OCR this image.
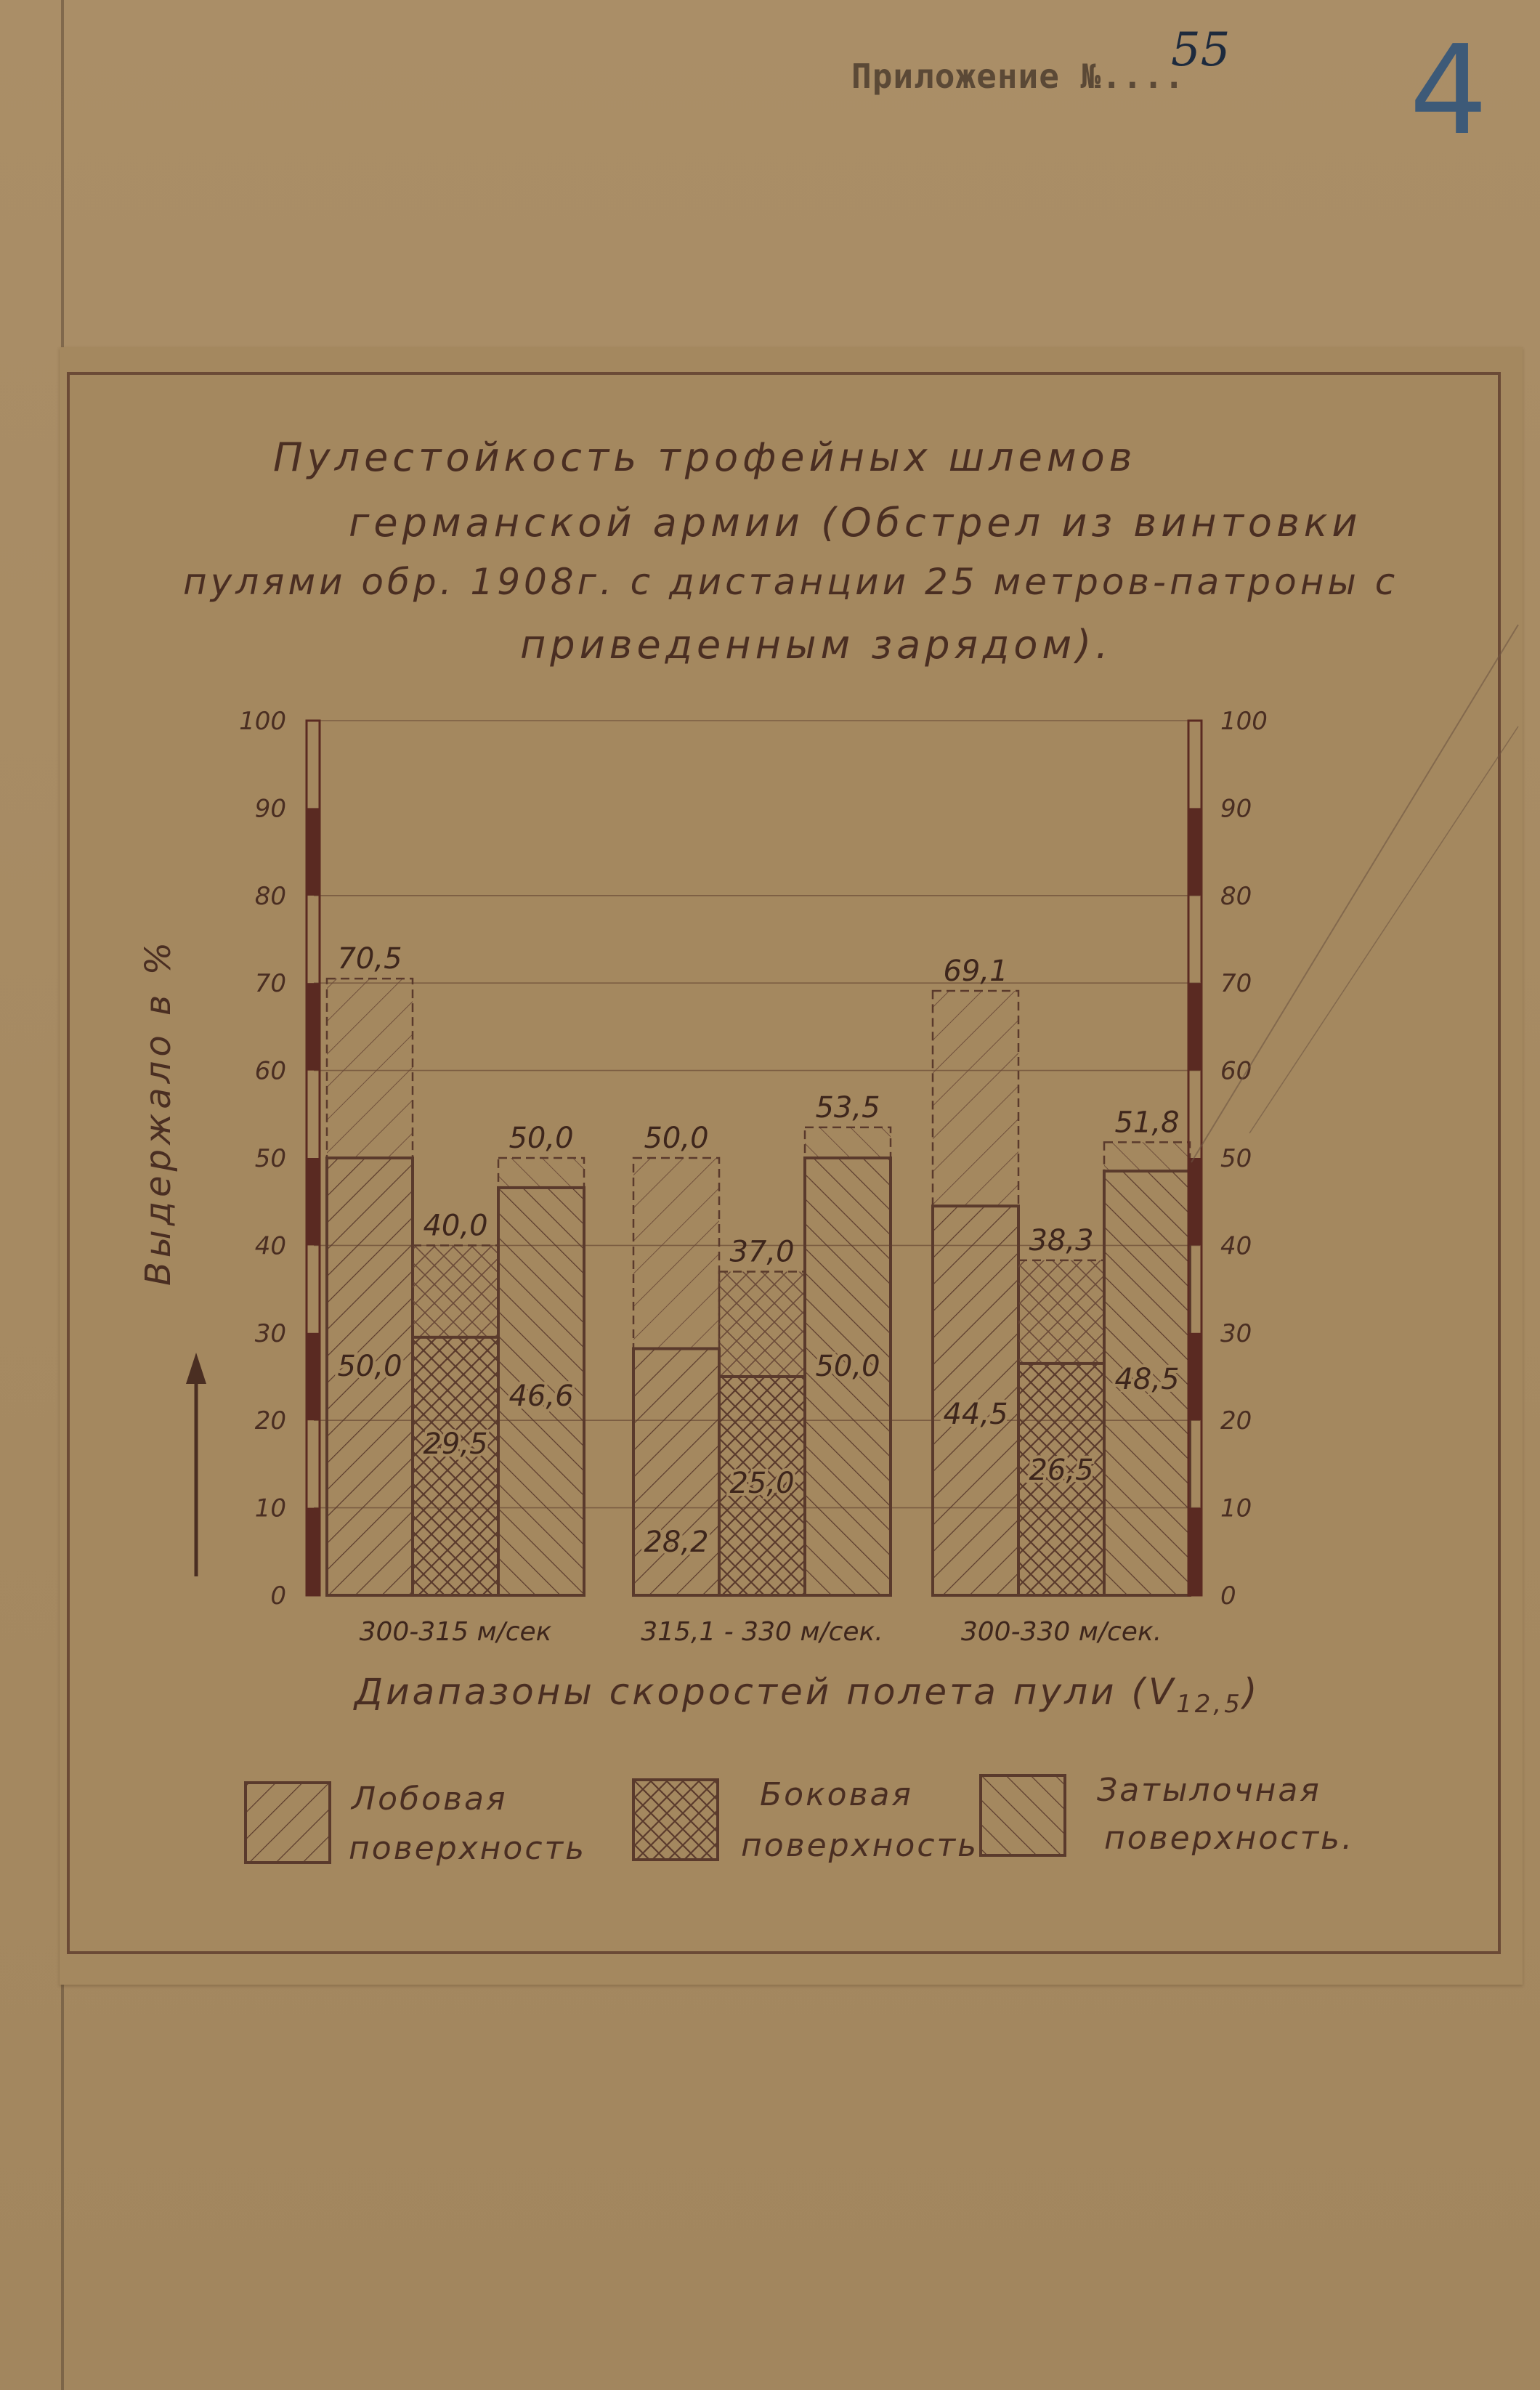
Приложение №....
55 4
Пулестойкость трофейных шлемов
германской армии (Обстрел из винтовки
пулями обр. 1908г. с дистанции 25 метров-патроны с
приведенным зарядом).
Выдержало в %	70,5
50,0
40,0
29,5
50,0
46,6
50,0
28,2
37,0
25,0
53,5
50,0
69,1
44,5
38,3
26,5
51,8
48,5
0
10
20
30
40
50
60
70
80
90
100
0
10
20
30
40
50
60
70
80
90
100
300-315 м/сек	315,1 - 330 м/сек.	300-330 м/сек.
Диапазоны скоростей полета пули $(V_{12,5})$
Лобовая
поверхность
Боковая
поверхность
Затылочная
поверхность.
